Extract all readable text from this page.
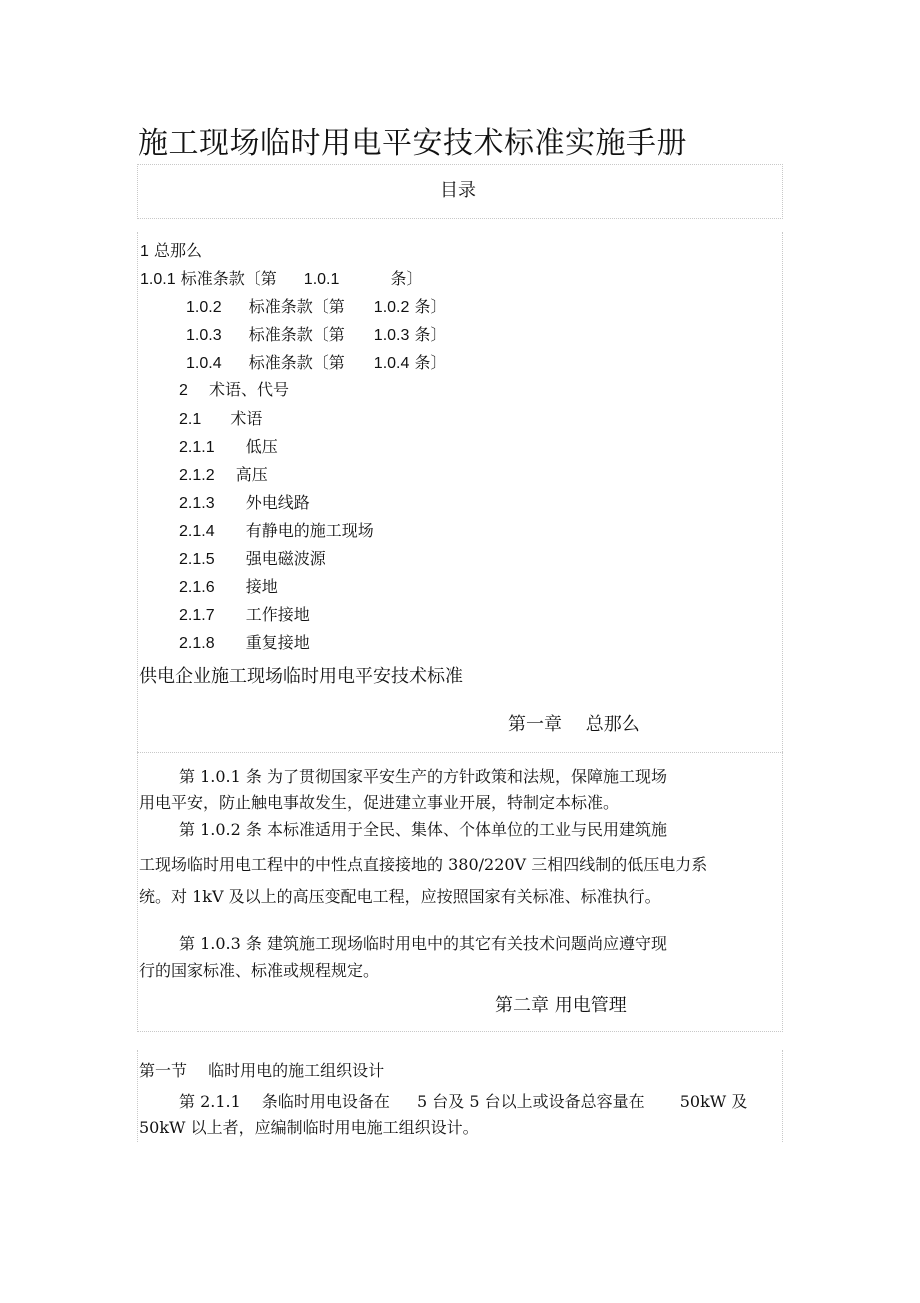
施工现场临时用电平安技术标准实施手册
目录
1 总那么
1.0.1 标准条款〔第 1.0.1	条〕
1.0.2 标准条款〔第 1.0.2 条〕
1.0.3 标准条款〔第 1.0.3 条〕
1.0.4 标准条款〔第 1.0.4 条〕
2 术语、代号
2.1 术语
2.1.1 低压
2.1.2 高压
2.1.3 外电线路
2.1.4 有静电的施工现场
2.1.5 强电磁波源
2.1.6 接地
2.1.7 工作接地
2.1.8 重复接地
供电企业施工现场临时用电平安技术标准
第一章　 总那么
第 1.0.1 条 为了贯彻国家平安生产的方针政策和法规，保障施工现场
用电平安，防止触电事故发生，促进建立事业开展，特制定本标准。
第 1.0.2 条 本标准适用于全民、集体、个体单位的工业与民用建筑施
工现场临时用电工程中的中性点直接接地的 380/220V 三相四线制的低压电力系
统。对 1kV 及以上的高压变配电工程，应按照国家有关标准、标准执行。
第 1.0.3 条 建筑施工现场临时用电中的其它有关技术问题尚应遵守现
行的国家标准、标准或规程规定。
第二章 用电管理
第一节　 临时用电的施工组织设计
第 2.1.1 条临时用电设备在 5 台及 5 台以上或设备总容量在 50kW 及
50kW 以上者，应编制临时用电施工组织设计。
